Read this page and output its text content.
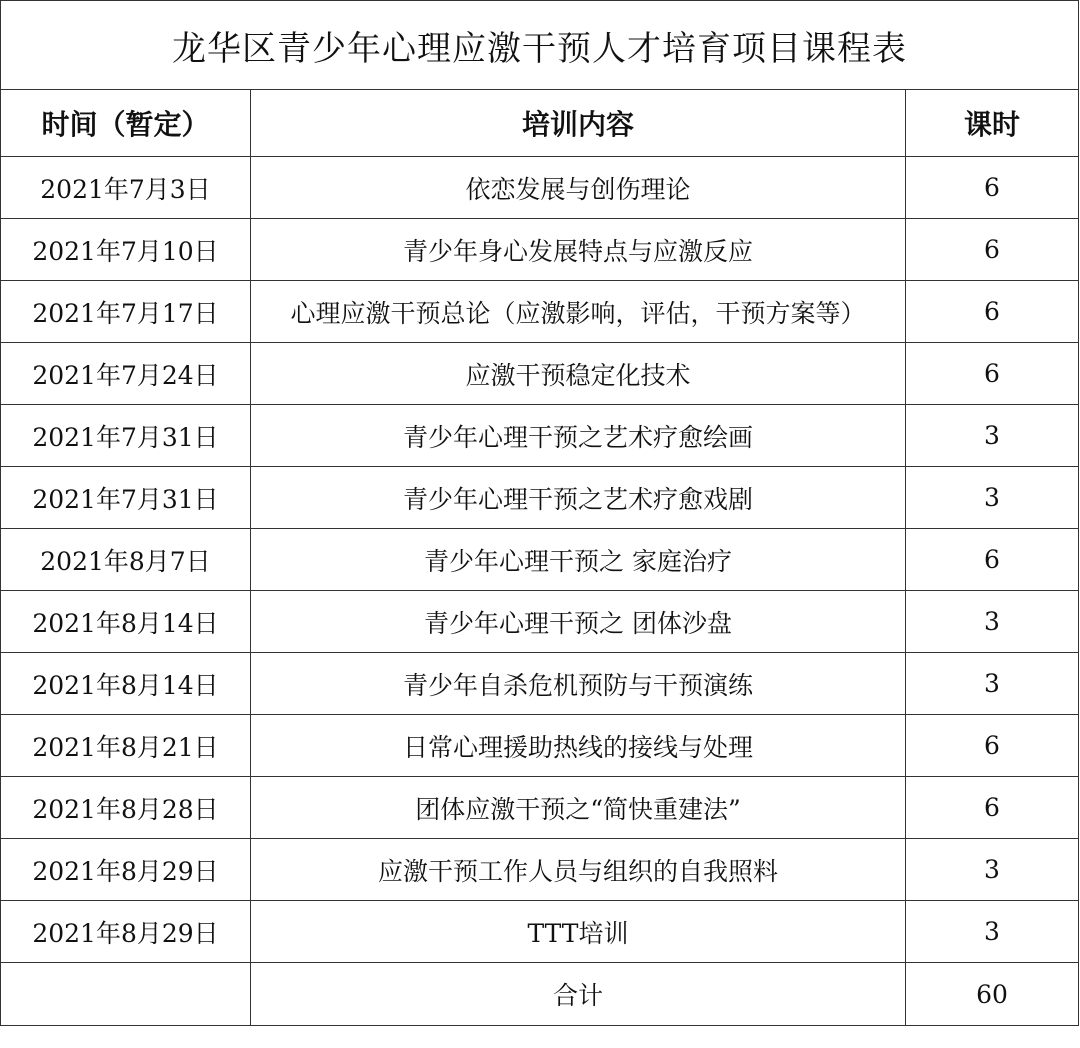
龙华区青少年心理应激干预人才培育项目课程表		
时间（暂定）	培训内容	课时
2021年7月3日	依恋发展与创伤理论	6
2021年7月10日	青少年身心发展特点与应激反应	6
2021年7月17日	心理应激干预总论（应激影响，评估，干预方案等）	6
2021年7月24日	应激干预稳定化技术	6
2021年7月31日	青少年心理干预之艺术疗愈绘画	3
2021年7月31日	青少年心理干预之艺术疗愈戏剧	3
2021年8月7日	青少年心理干预之 家庭治疗	6
2021年8月14日	青少年心理干预之 团体沙盘	3
2021年8月14日	青少年自杀危机预防与干预演练	3
2021年8月21日	日常心理援助热线的接线与处理	6
2021年8月28日	团体应激干预之“简快重建法”	6
2021年8月29日	应激干预工作人员与组织的自我照料	3
2021年8月29日	TTT培训	3
	合计	60
